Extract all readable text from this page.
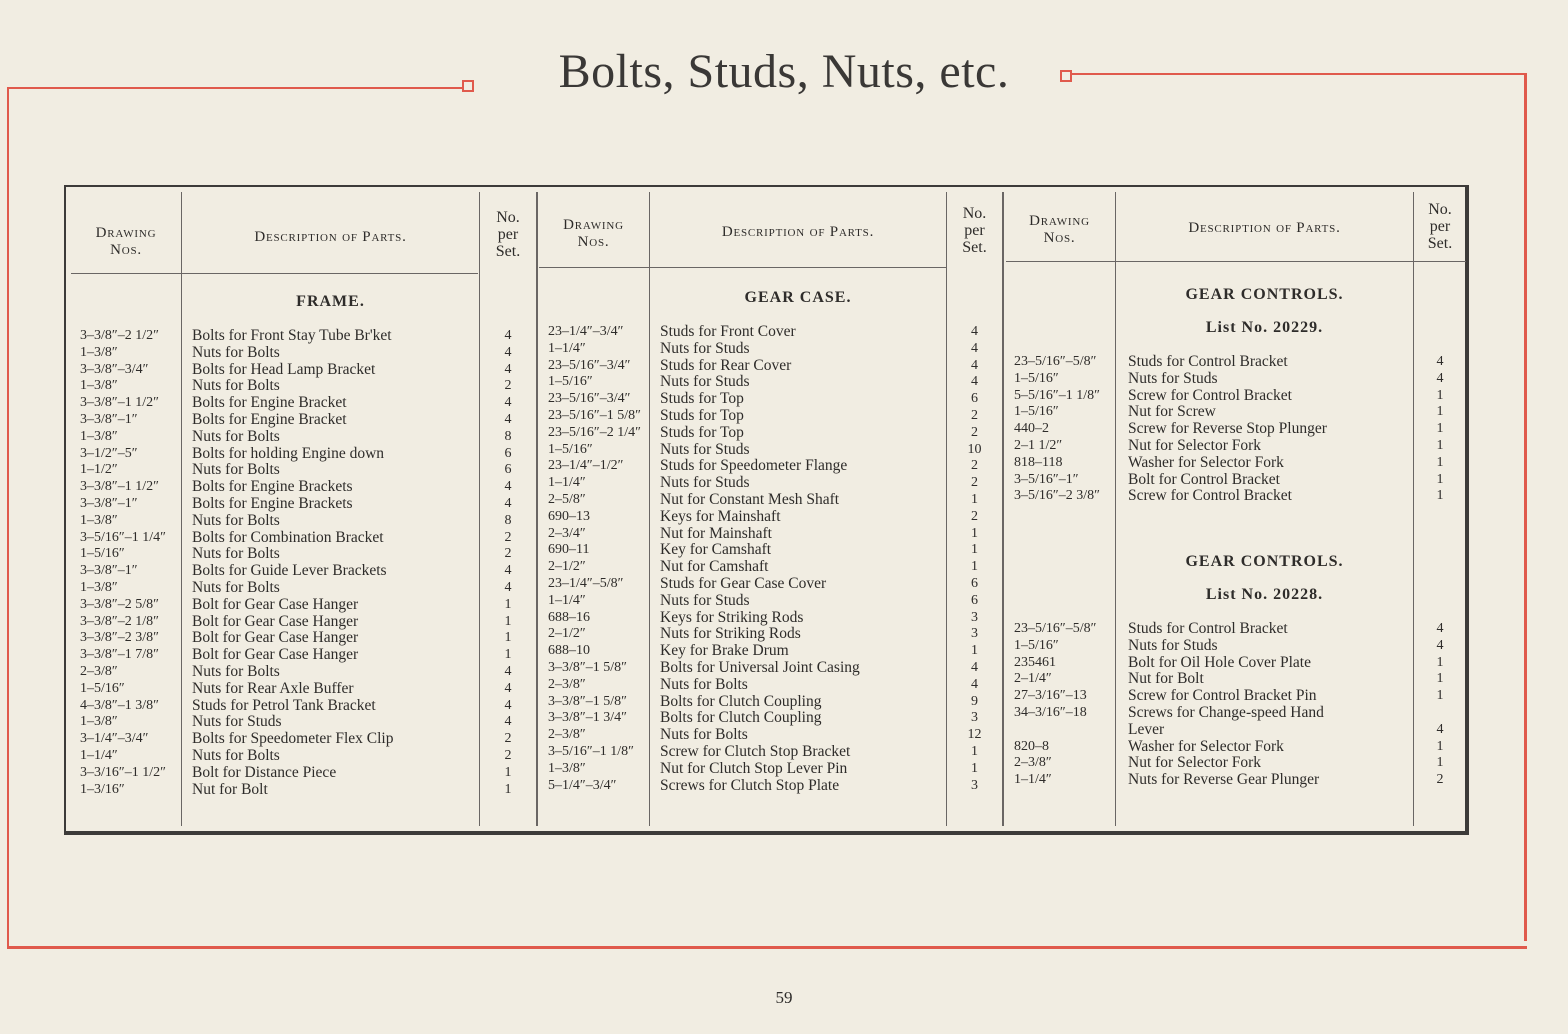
Bolts, Studs, Nuts, etc.
Drawing
Nos.
Description of Parts.
No.
per
Set.
Drawing
Nos.
Description of Parts.
No.
per
Set.
Drawing
Nos.
Description of Parts.
No.
per
Set.
FRAME.	GEAR CASE.	GEAR CONTROLS.
List No. 20229.
GEAR CONTROLS.
List No. 20228.
3–3/8″–2 1/2″	Bolts for Front Stay Tube Br'ket	4
1–3/8″	Nuts for Bolts	4
3–3/8″–3/4″	Bolts for Head Lamp Bracket	4
1–3/8″	Nuts for Bolts	2
3–3/8″–1 1/2″	Bolts for Engine Bracket	4
3–3/8″–1″	Bolts for Engine Bracket	4
1–3/8″	Nuts for Bolts	8
3–1/2″–5″	Bolts for holding Engine down	6
1–1/2″	Nuts for Bolts	6
3–3/8″–1 1/2″	Bolts for Engine Brackets	4
3–3/8″–1″	Bolts for Engine Brackets	4
1–3/8″	Nuts for Bolts	8
3–5/16″–1 1/4″	Bolts for Combination Bracket	2
1–5/16″	Nuts for Bolts	2
3–3/8″–1″	Bolts for Guide Lever Brackets	4
1–3/8″	Nuts for Bolts	4
3–3/8″–2 5/8″	Bolt for Gear Case Hanger	1
3–3/8″–2 1/8″	Bolt for Gear Case Hanger	1
3–3/8″–2 3/8″	Bolt for Gear Case Hanger	1
3–3/8″–1 7/8″	Bolt for Gear Case Hanger	1
2–3/8″	Nuts for Bolts	4
1–5/16″	Nuts for Rear Axle Buffer	4
4–3/8″–1 3/8″	Studs for Petrol Tank Bracket	4
1–3/8″	Nuts for Studs	4
3–1/4″–3/4″	Bolts for Speedometer Flex Clip	2
1–1/4″	Nuts for Bolts	2
3–3/16″–1 1/2″	Bolt for Distance Piece	1
1–3/16″	Nut for Bolt	1
23–1/4″–3/4″	Studs for Front Cover	4
1–1/4″	Nuts for Studs	4
23–5/16″–3/4″	Studs for Rear Cover	4
1–5/16″	Nuts for Studs	4
23–5/16″–3/4″	Studs for Top	6
23–5/16″–1 5/8″	Studs for Top	2
23–5/16″–2 1/4″	Studs for Top	2
1–5/16″	Nuts for Studs	10
23–1/4″–1/2″	Studs for Speedometer Flange	2
1–1/4″	Nuts for Studs	2
2–5/8″	Nut for Constant Mesh Shaft	1
690–13	Keys for Mainshaft	2
2–3/4″	Nut for Mainshaft	1
690–11	Key for Camshaft	1
2–1/2″	Nut for Camshaft	1
23–1/4″–5/8″	Studs for Gear Case Cover	6
1–1/4″	Nuts for Studs	6
688–16	Keys for Striking Rods	3
2–1/2″	Nuts for Striking Rods	3
688–10	Key for Brake Drum	1
3–3/8″–1 5/8″	Bolts for Universal Joint Casing	4
2–3/8″	Nuts for Bolts	4
3–3/8″–1 5/8″	Bolts for Clutch Coupling	9
3–3/8″–1 3/4″	Bolts for Clutch Coupling	3
2–3/8″	Nuts for Bolts	12
3–5/16″–1 1/8″	Screw for Clutch Stop Bracket	1
1–3/8″	Nut for Clutch Stop Lever Pin	1
5–1/4″–3/4″	Screws for Clutch Stop Plate	3
23–5/16″–5/8″	Studs for Control Bracket	4
1–5/16″	Nuts for Studs	4
5–5/16″–1 1/8″	Screw for Control Bracket	1
1–5/16″	Nut for Screw	1
440–2	Screw for Reverse Stop Plunger	1
2–1 1/2″	Nut for Selector Fork	1
818–118	Washer for Selector Fork	1
3–5/16″–1″	Bolt for Control Bracket	1
3–5/16″–2 3/8″	Screw for Control Bracket	1
23–5/16″–5/8″	Studs for Control Bracket	4
1–5/16″	Nuts for Studs	4
235461	Bolt for Oil Hole Cover Plate	1
2–1/4″	Nut for Bolt	1
27–3/16″–13	Screw for Control Bracket Pin	1
34–3/16″–18	Screws for Change-speed Hand
Lever	4
820–8	Washer for Selector Fork	1
2–3/8″	Nut for Selector Fork	1
1–1/4″	Nuts for Reverse Gear Plunger	2
59
